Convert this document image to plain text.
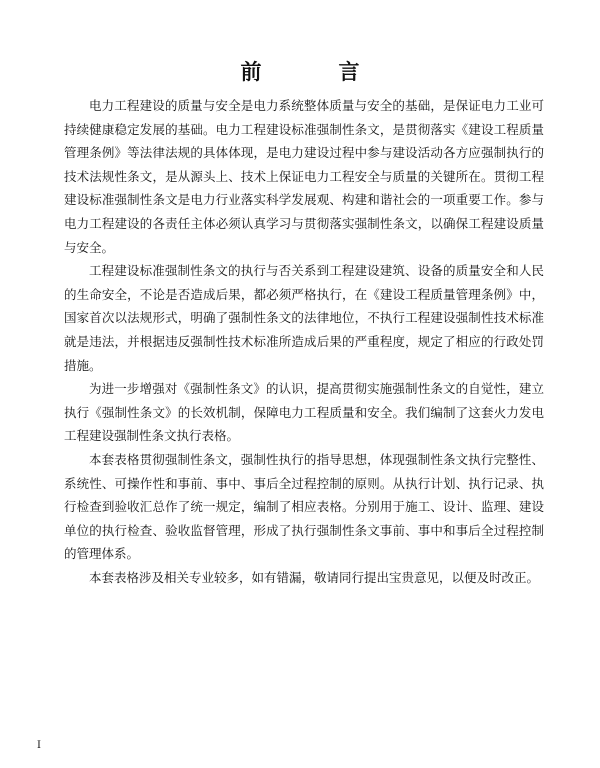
前　言

电力工程建设的质量与安全是电力系统整体质量与安全的基础，是保证电力工业可持续健康稳定发展的基础。电力工程建设标准强制性条文，是贯彻落实《建设工程质量管理条例》等法律法规的具体体现，是电力建设过程中参与建设活动各方应强制执行的技术法规性条文，是从源头上、技术上保证电力工程安全与质量的关键所在。贯彻工程建设标准强制性条文是电力行业落实科学发展观、构建和谐社会的一项重要工作。参与电力工程建设的各责任主体必须认真学习与贯彻落实强制性条文，以确保工程建设质量与安全。

工程建设标准强制性条文的执行与否关系到工程建设建筑、设备的质量安全和人民的生命安全，不论是否造成后果，都必须严格执行，在《建设工程质量管理条例》中，国家首次以法规形式，明确了强制性条文的法律地位，不执行工程建设强制性技术标准就是违法，并根据违反强制性技术标准所造成后果的严重程度，规定了相应的行政处罚措施。

为进一步增强对《强制性条文》的认识，提高贯彻实施强制性条文的自觉性，建立执行《强制性条文》的长效机制，保障电力工程质量和安全。我们编制了这套火力发电工程建设强制性条文执行表格。

本套表格贯彻强制性条文，强制性执行的指导思想，体现强制性条文执行完整性、系统性、可操作性和事前、事中、事后全过程控制的原则。从执行计划、执行记录、执行检查到验收汇总作了统一规定，编制了相应表格。分别用于施工、设计、监理、建设单位的执行检查、验收监督管理，形成了执行强制性条文事前、事中和事后全过程控制的管理体系。

本套表格涉及相关专业较多，如有错漏，敬请同行提出宝贵意见，以便及时改正。

I
